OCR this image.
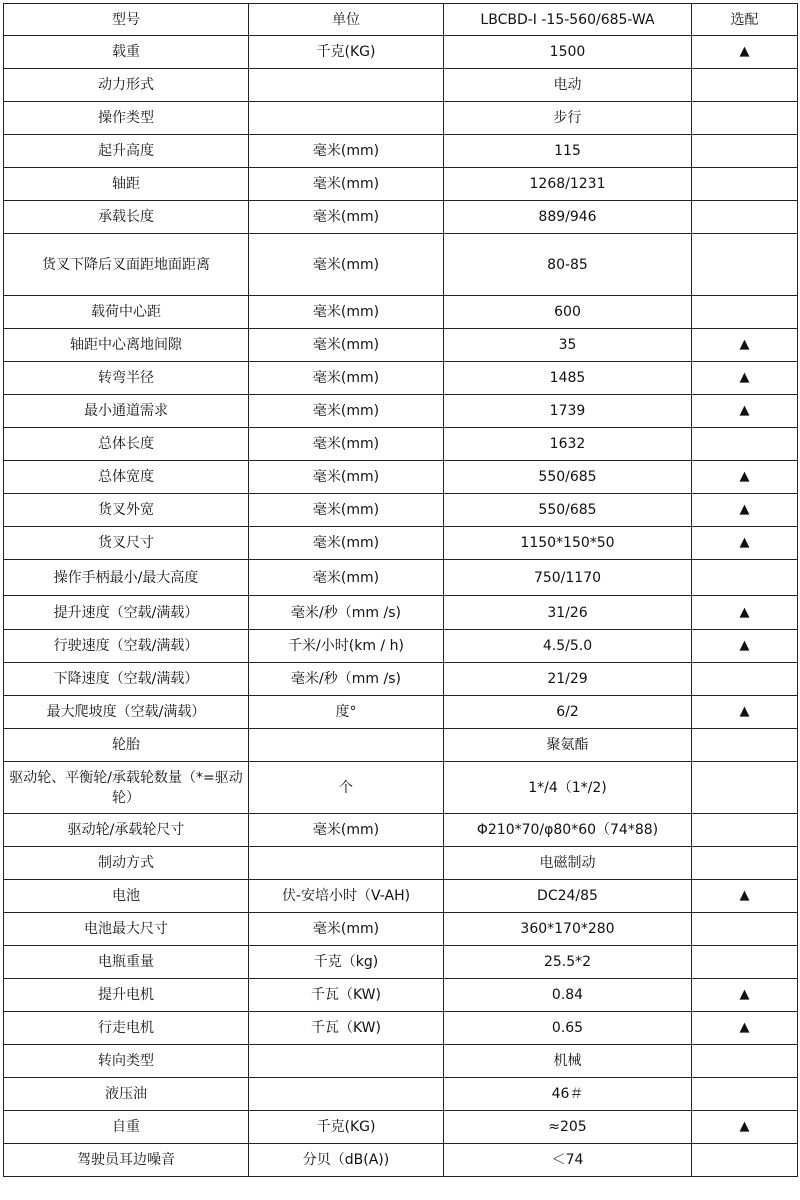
型号	单位	LBCBD-Ⅰ -15-560/685-WA	选配
载重	千克(KG)	1500	▲
动力形式		电动	
操作类型		步行	
起升高度	毫米(mm)	115	
轴距	毫米(mm)	1268/1231	
承载长度	毫米(mm)	889/946	
货叉下降后叉面距地面距离	毫米(mm)	80-85	
载荷中心距	毫米(mm)	600	
轴距中心离地间隙	毫米(mm)	35	▲
转弯半径	毫米(mm)	1485	▲
最小通道需求	毫米(mm)	1739	▲
总体长度	毫米(mm)	1632	
总体宽度	毫米(mm)	550/685	▲
货叉外宽	毫米(mm)	550/685	▲
货叉尺寸	毫米(mm)	1150*150*50	▲
操作手柄最小/最大高度	毫米(mm)	750/1170	
提升速度（空载/满载）	毫米/秒（mm /s)	31/26	▲
行驶速度（空载/满载）	千米/小时(km / h)	4.5/5.0	▲
下降速度（空载/满载）	毫米/秒（mm /s)	21/29	
最大爬坡度（空载/满载）	度°	6/2	▲
轮胎		聚氨酯	
驱动轮、平衡轮/承载轮数量（*=驱动轮）	个	1*/4（1*/2)	
驱动轮/承载轮尺寸	毫米(mm)	Φ210*70/φ80*60（74*88)	
制动方式		电磁制动	
电池	伏-安培小时（V-AH)	DC24/85	▲
电池最大尺寸	毫米(mm)	360*170*280	
电瓶重量	千克（kg)	25.5*2	
提升电机	千瓦（KW)	0.84	▲
行走电机	千瓦（KW)	0.65	▲
转向类型		机械	
液压油		46＃	
自重	千克(KG)	≈205	▲
驾驶员耳边噪音	分贝（dB(A))	＜74	
